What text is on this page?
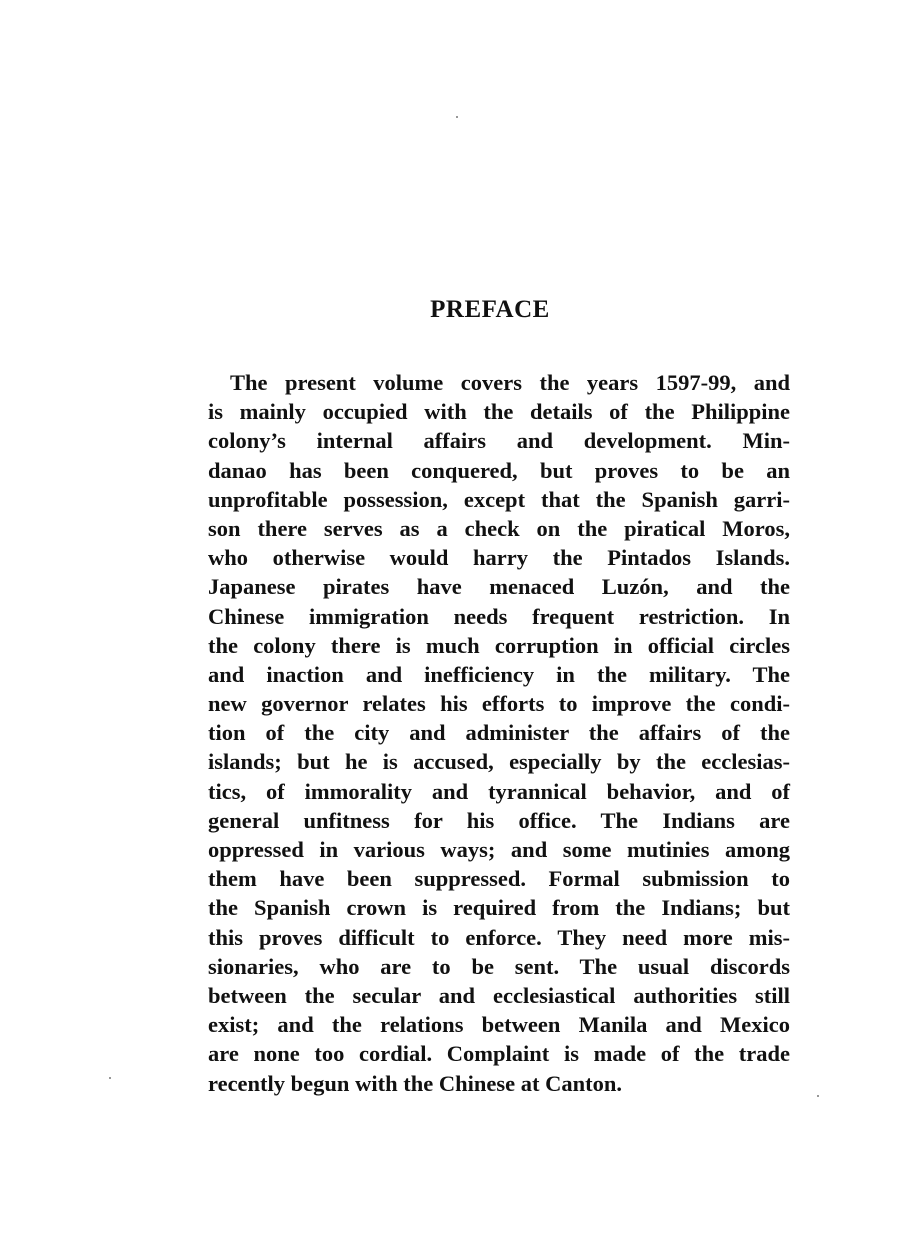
PREFACE
The present volume covers the years 1597-99, and
is mainly occupied with the details of the Philippine
colony’s internal affairs and development. Min-
danao has been conquered, but proves to be an
unprofitable possession, except that the Spanish garri-
son there serves as a check on the piratical Moros,
who otherwise would harry the Pintados Islands.
Japanese pirates have menaced Luzón, and the
Chinese immigration needs frequent restriction. In
the colony there is much corruption in official circles
and inaction and inefficiency in the military. The
new governor relates his efforts to improve the condi-
tion of the city and administer the affairs of the
islands; but he is accused, especially by the ecclesias-
tics, of immorality and tyrannical behavior, and of
general unfitness for his office. The Indians are
oppressed in various ways; and some mutinies among
them have been suppressed. Formal submission to
the Spanish crown is required from the Indians; but
this proves difficult to enforce. They need more mis-
sionaries, who are to be sent. The usual discords
between the secular and ecclesiastical authorities still
exist; and the relations between Manila and Mexico
are none too cordial. Complaint is made of the trade
recently begun with the Chinese at Canton.
